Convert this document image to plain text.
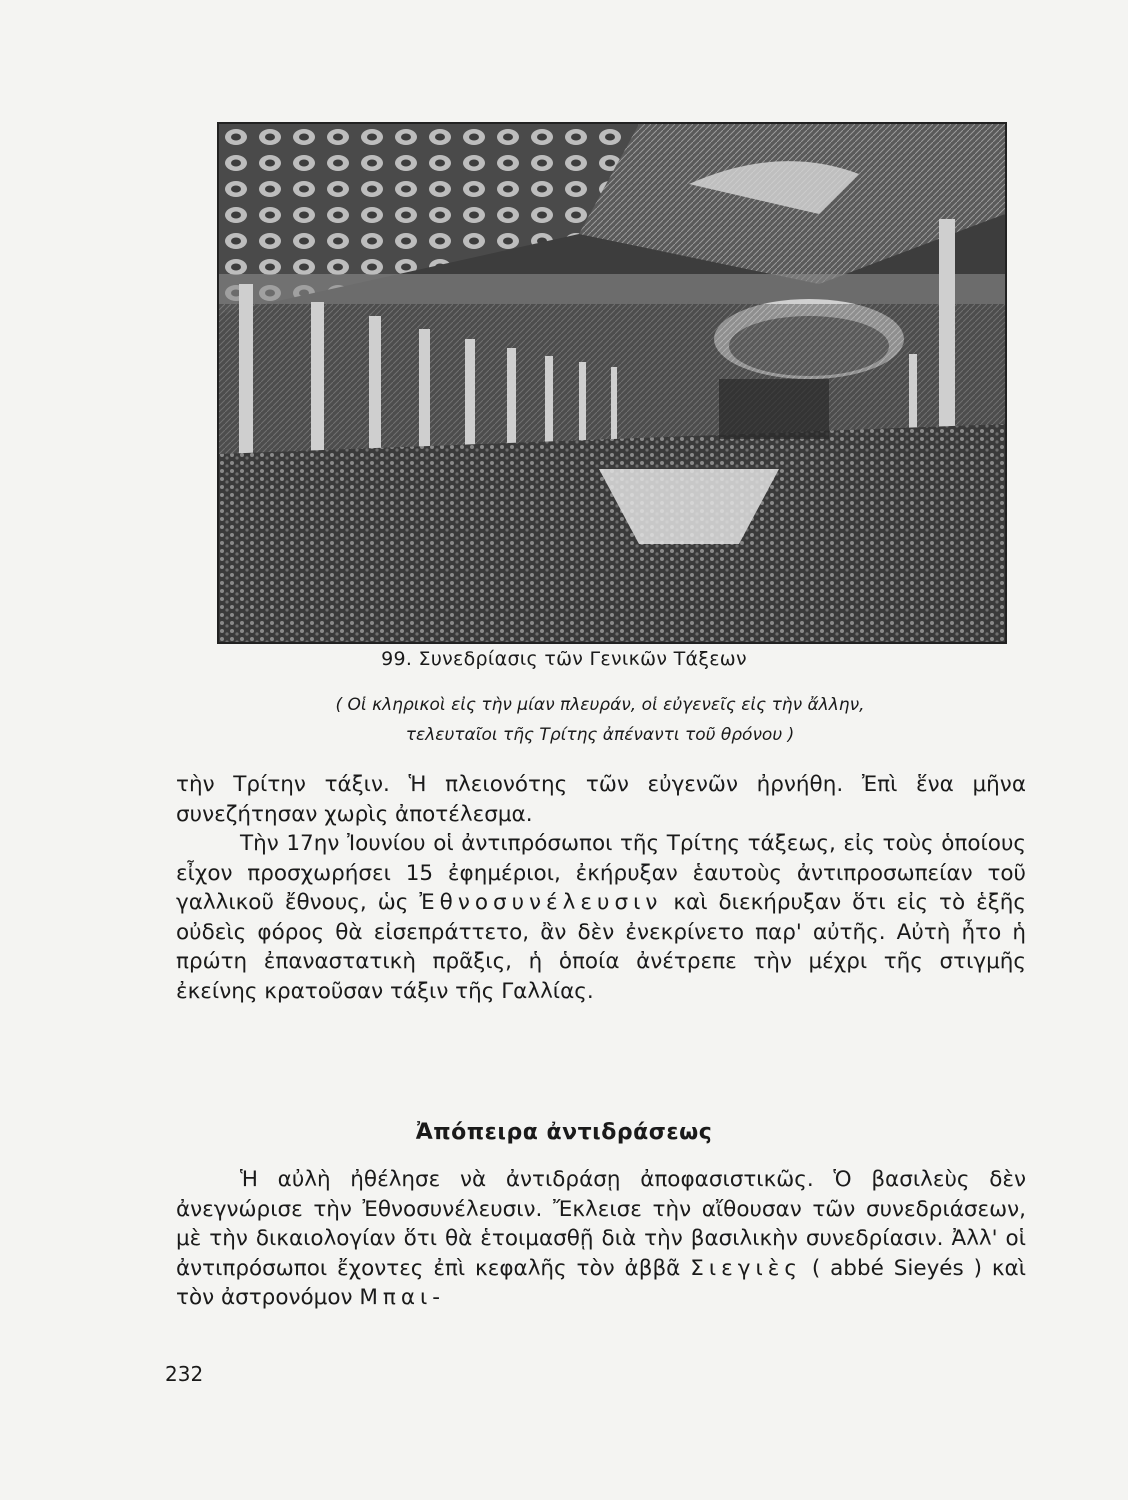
99. Συνεδρίασις τῶν Γενικῶν Τάξεων
( Οἱ κληρικοὶ εἰς τὴν μίαν πλευράν, οἱ εὐγενεῖς εἰς τὴν ἄλλην,
τελευταῖοι τῆς Τρίτης ἀπέναντι τοῦ θρόνου )

τὴν Τρίτην τάξιν. Ἡ πλειονότης τῶν εὐγενῶν ἠρνήθη. Ἐπὶ ἕνα μῆνα συνεζήτησαν χωρὶς ἀποτέλεσμα.

Τὴν 17ην Ἰουνίου οἱ ἀντιπρόσωποι τῆς Τρίτης τάξεως, εἰς τοὺς ὁποίους εἶχον προσχωρήσει 15 ἐφημέριοι, ἐκήρυξαν ἑαυτοὺς ἀντιπροσωπείαν τοῦ γαλλικοῦ ἔθνους, ὡς Ἐθνοσυνέλευσιν καὶ διεκήρυξαν ὅτι εἰς τὸ ἑξῆς οὐδεὶς φόρος θὰ εἰσεπράττετο, ἂν δὲν ἐνεκρίνετο παρ' αὐτῆς. Αὐτὴ ἦτο ἡ πρώτη ἐπαναστατικὴ πρᾶξις, ἡ ὁποία ἀνέτρεπε τὴν μέχρι τῆς στιγμῆς ἐκείνης κρατοῦσαν τάξιν τῆς Γαλλίας.

Ἀπόπειρα ἀντιδράσεως

Ἡ αὐλὴ ἠθέλησε νὰ ἀντιδράσῃ ἀποφασιστικῶς. Ὁ βασιλεὺς δὲν ἀνεγνώρισε τὴν Ἐθνοσυνέλευσιν. Ἔκλεισε τὴν αἴθουσαν τῶν συνεδριάσεων, μὲ τὴν δικαιολογίαν ὅτι θὰ ἑτοιμασθῇ διὰ τὴν βασιλικὴν συνεδρίασιν. Ἀλλ' οἱ ἀντιπρόσωποι ἔχοντες ἐπὶ κεφαλῆς τὸν ἀββᾶ Σιεγιὲς ( abbé Sieyés ) καὶ τὸν ἀστρονόμον Μπαι-

232
